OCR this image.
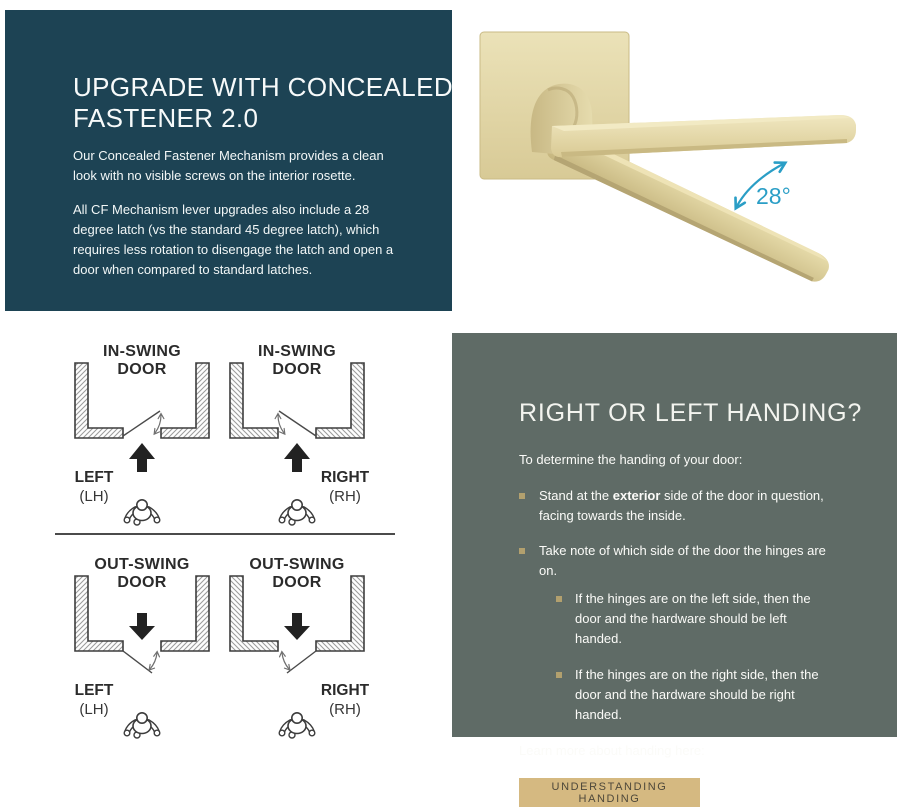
UPGRADE WITH CONCEALED
FASTENER 2.0

Our Concealed Fastener Mechanism provides a clean look with no visible screws on the interior rosette.

All CF Mechanism lever upgrades also include a 28 degree latch (vs the standard 45 degree latch), which requires less rotation to disengage the latch and open a door when compared to standard latches.

28°
IN-SWING
DOOR
LEFT
(LH)
IN-SWING
DOOR
RIGHT
(RH)
OUT-SWING
DOOR
LEFT
(LH)
OUT-SWING
DOOR
RIGHT
(RH)
RIGHT OR LEFT HANDING?

To determine the handing of your door:

Stand at the exterior side of the door in question, facing towards the inside.
Take note of which side of the door the hinges are on.
If the hinges are on the left side, then the door and the hardware should be left handed.
If the hinges are on the right side, then the door and the hardware should be right handed.

Learn more about handing here:

UNDERSTANDING HANDING
